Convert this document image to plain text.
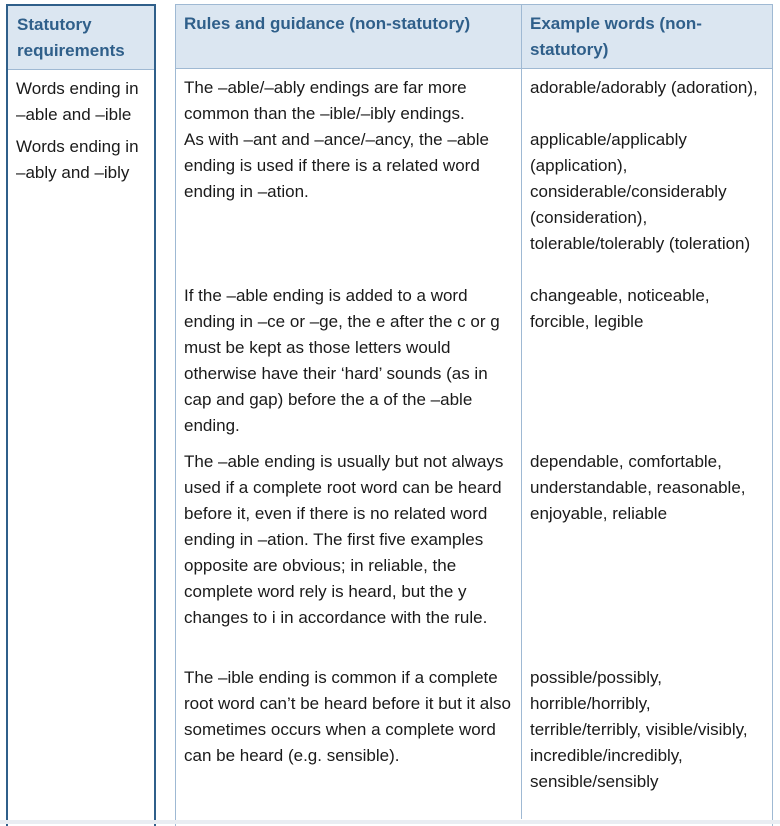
Statutory requirements

Words ending in –able and –ible

Words ending in –ably and –ibly

Rules and guidance (non-statutory)	Example words (non-statutory)
The –able/–ably endings are far more common than the –ible/–ibly endings.
adorable/adorably (adoration),
As with –ant and –ance/–ancy, the –able ending is used if there is a related word ending in –ation.
applicable/applicably (application), considerable/considerably (consideration), tolerable/tolerably (toleration)
If the –able ending is added to a word ending in –ce or –ge, the e after the c or g must be kept as those letters would otherwise have their ‘hard’ sounds (as in cap and gap) before the a of the –able ending.
changeable, noticeable, forcible, legible
The –able ending is usually but not always used if a complete root word can be heard before it, even if there is no related word ending in –ation. The first five examples opposite are obvious; in reliable, the complete word rely is heard, but the y changes to i in accordance with the rule.
dependable, comfortable, understandable, reasonable, enjoyable, reliable
The –ible ending is common if a complete root word can’t be heard before it but it also sometimes occurs when a complete word can be heard (e.g. sensible).
possible/possibly, horrible/horribly, terrible/terribly, visible/visibly, incredible/incredibly, sensible/sensibly
